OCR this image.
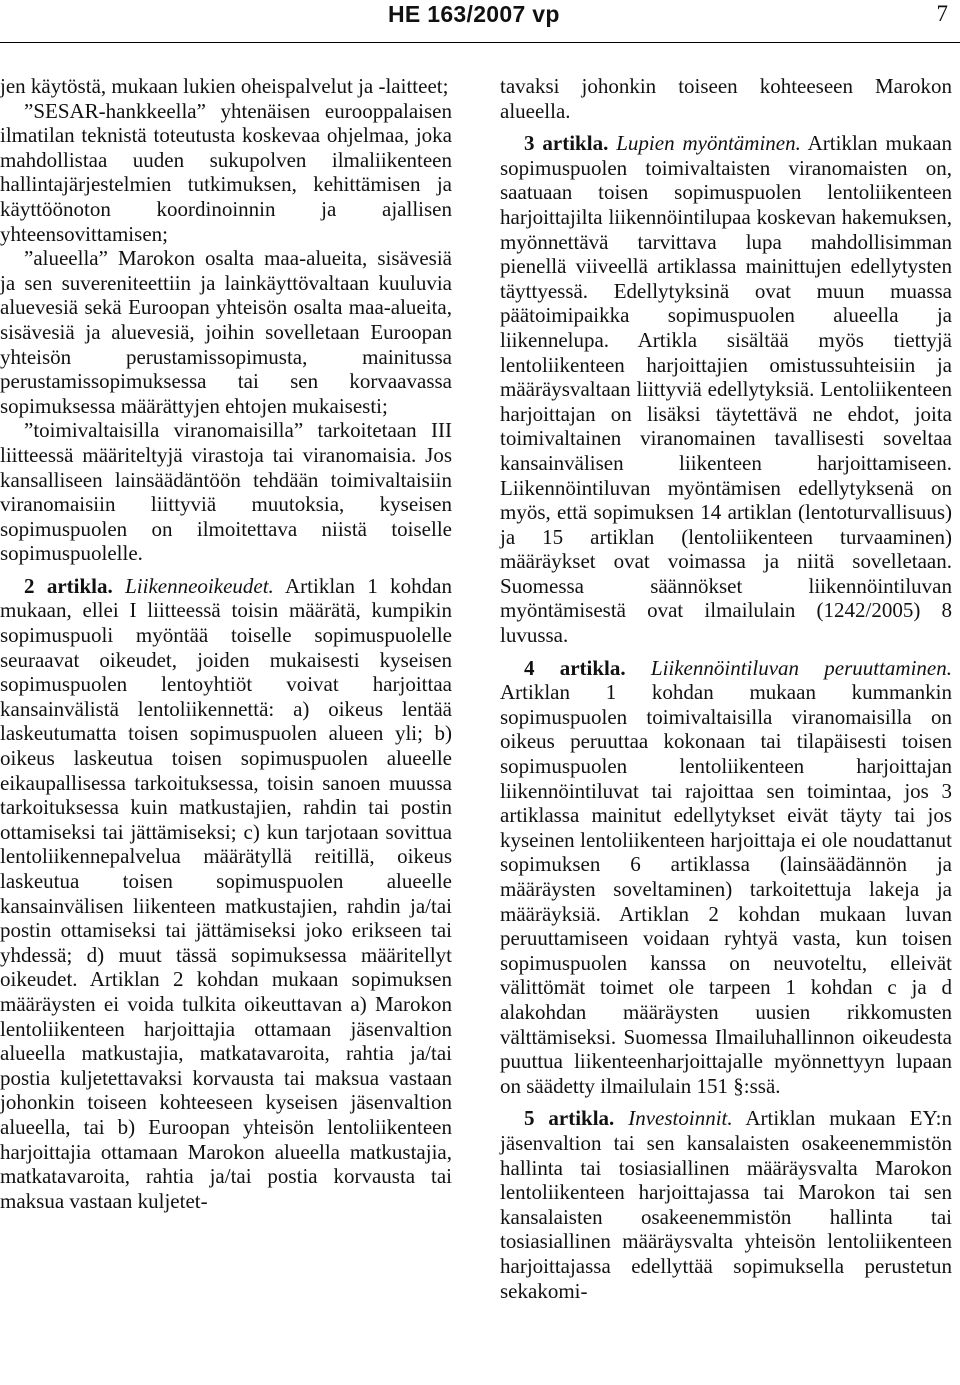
HE 163/2007 vp	7

jen käytöstä, mukaan lukien oheispalvelut ja -laitteet;

”SESAR-hankkeella” yhtenäisen eurooppalaisen ilmatilan teknistä toteutusta koskevaa ohjelmaa, joka mahdollistaa uuden sukupolven ilmaliikenteen hallintajärjestelmien tutkimuksen, kehittämisen ja käyttöönoton koordinoinnin ja ajallisen yhteensovittamisen;

”alueella” Marokon osalta maa-alueita, sisävesiä ja sen suvereniteettiin ja lainkäyttövaltaan kuuluvia aluevesiä sekä Euroopan yhteisön osalta maa-alueita, sisävesiä ja aluevesiä, joihin sovelletaan Euroopan yhteisön perustamissopimusta, mainitussa perustamissopimuksessa tai sen korvaavassa sopimuksessa määrättyjen ehtojen mukaisesti;

”toimivaltaisilla viranomaisilla” tarkoitetaan III liitteessä määriteltyjä virastoja tai viranomaisia. Jos kansalliseen lainsäädäntöön tehdään toimivaltaisiin viranomaisiin liittyviä muutoksia, kyseisen sopimuspuolen on ilmoitettava niistä toiselle sopimuspuolelle.

2 artikla. Liikenneoikeudet. Artiklan 1 kohdan mukaan, ellei I liitteessä toisin määrätä, kumpikin sopimuspuoli myöntää toiselle sopimuspuolelle seuraavat oikeudet, joiden mukaisesti kyseisen sopimuspuolen lentoyhtiöt voivat harjoittaa kansainvälistä lentoliikennettä: a) oikeus lentää laskeutumatta toisen sopimuspuolen alueen yli; b) oikeus laskeutua toisen sopimuspuolen alueelle eikaupallisessa tarkoituksessa, toisin sanoen muussa tarkoituksessa kuin matkustajien, rahdin tai postin ottamiseksi tai jättämiseksi; c) kun tarjotaan sovittua lentoliikennepalvelua määrätyllä reitillä, oikeus laskeutua toisen sopimuspuolen alueelle kansainvälisen liikenteen matkustajien, rahdin ja/tai postin ottamiseksi tai jättämiseksi joko erikseen tai yhdessä; d) muut tässä sopimuksessa määritellyt oikeudet. Artiklan 2 kohdan mukaan sopimuksen määräysten ei voida tulkita oikeuttavan a) Marokon lentoliikenteen harjoittajia ottamaan jäsenvaltion alueella matkustajia, matkatavaroita, rahtia ja/tai postia kuljetettavaksi korvausta tai maksua vastaan johonkin toiseen kohteeseen kyseisen jäsenvaltion alueella, tai b) Euroopan yhteisön lentoliikenteen harjoittajia ottamaan Marokon alueella matkustajia, matkatavaroita, rahtia ja/tai postia korvausta tai maksua vastaan kuljetet-

tavaksi johonkin toiseen kohteeseen Marokon alueella.

3 artikla. Lupien myöntäminen. Artiklan mukaan sopimuspuolen toimivaltaisten viranomaisten on, saatuaan toisen sopimuspuolen lentoliikenteen harjoittajilta liikennöintilupaa koskevan hakemuksen, myönnettävä tarvittava lupa mahdollisimman pienellä viiveellä artiklassa mainittujen edellytysten täyttyessä. Edellytyksinä ovat muun muassa päätoimipaikka sopimuspuolen alueella ja liikennelupa. Artikla sisältää myös tiettyjä lentoliikenteen harjoittajien omistussuhteisiin ja määräysvaltaan liittyviä edellytyksiä. Lentoliikenteen harjoittajan on lisäksi täytettävä ne ehdot, joita toimivaltainen viranomainen tavallisesti soveltaa kansainvälisen liikenteen harjoittamiseen. Liikennöintiluvan myöntämisen edellytyksenä on myös, että sopimuksen 14 artiklan (lentoturvallisuus) ja 15 artiklan (lentoliikenteen turvaaminen) määräykset ovat voimassa ja niitä sovelletaan. Suomessa säännökset liikennöintiluvan myöntämisestä ovat ilmailulain (1242/2005) 8 luvussa.

4 artikla. Liikennöintiluvan peruuttaminen. Artiklan 1 kohdan mukaan kummankin sopimuspuolen toimivaltaisilla viranomaisilla on oikeus peruuttaa kokonaan tai tilapäisesti toisen sopimuspuolen lentoliikenteen harjoittajan liikennöintiluvat tai rajoittaa sen toimintaa, jos 3 artiklassa mainitut edellytykset eivät täyty tai jos kyseinen lentoliikenteen harjoittaja ei ole noudattanut sopimuksen 6 artiklassa (lainsäädännön ja määräysten soveltaminen) tarkoitettuja lakeja ja määräyksiä. Artiklan 2 kohdan mukaan luvan peruuttamiseen voidaan ryhtyä vasta, kun toisen sopimuspuolen kanssa on neuvoteltu, elleivät välittömät toimet ole tarpeen 1 kohdan c ja d alakohdan määräysten uusien rikkomusten välttämiseksi. Suomessa Ilmailuhallinnon oikeudesta puuttua liikenteenharjoittajalle myönnettyyn lupaan on säädetty ilmailulain 151 §:ssä.

5 artikla. Investoinnit. Artiklan mukaan EY:n jäsenvaltion tai sen kansalaisten osakeenemmistön hallinta tai tosiasiallinen määräysvalta Marokon lentoliikenteen harjoittajassa tai Marokon tai sen kansalaisten osakeenemmistön hallinta tai tosiasiallinen määräysvalta yhteisön lentoliikenteen harjoittajassa edellyttää sopimuksella perustetun sekakomi-
